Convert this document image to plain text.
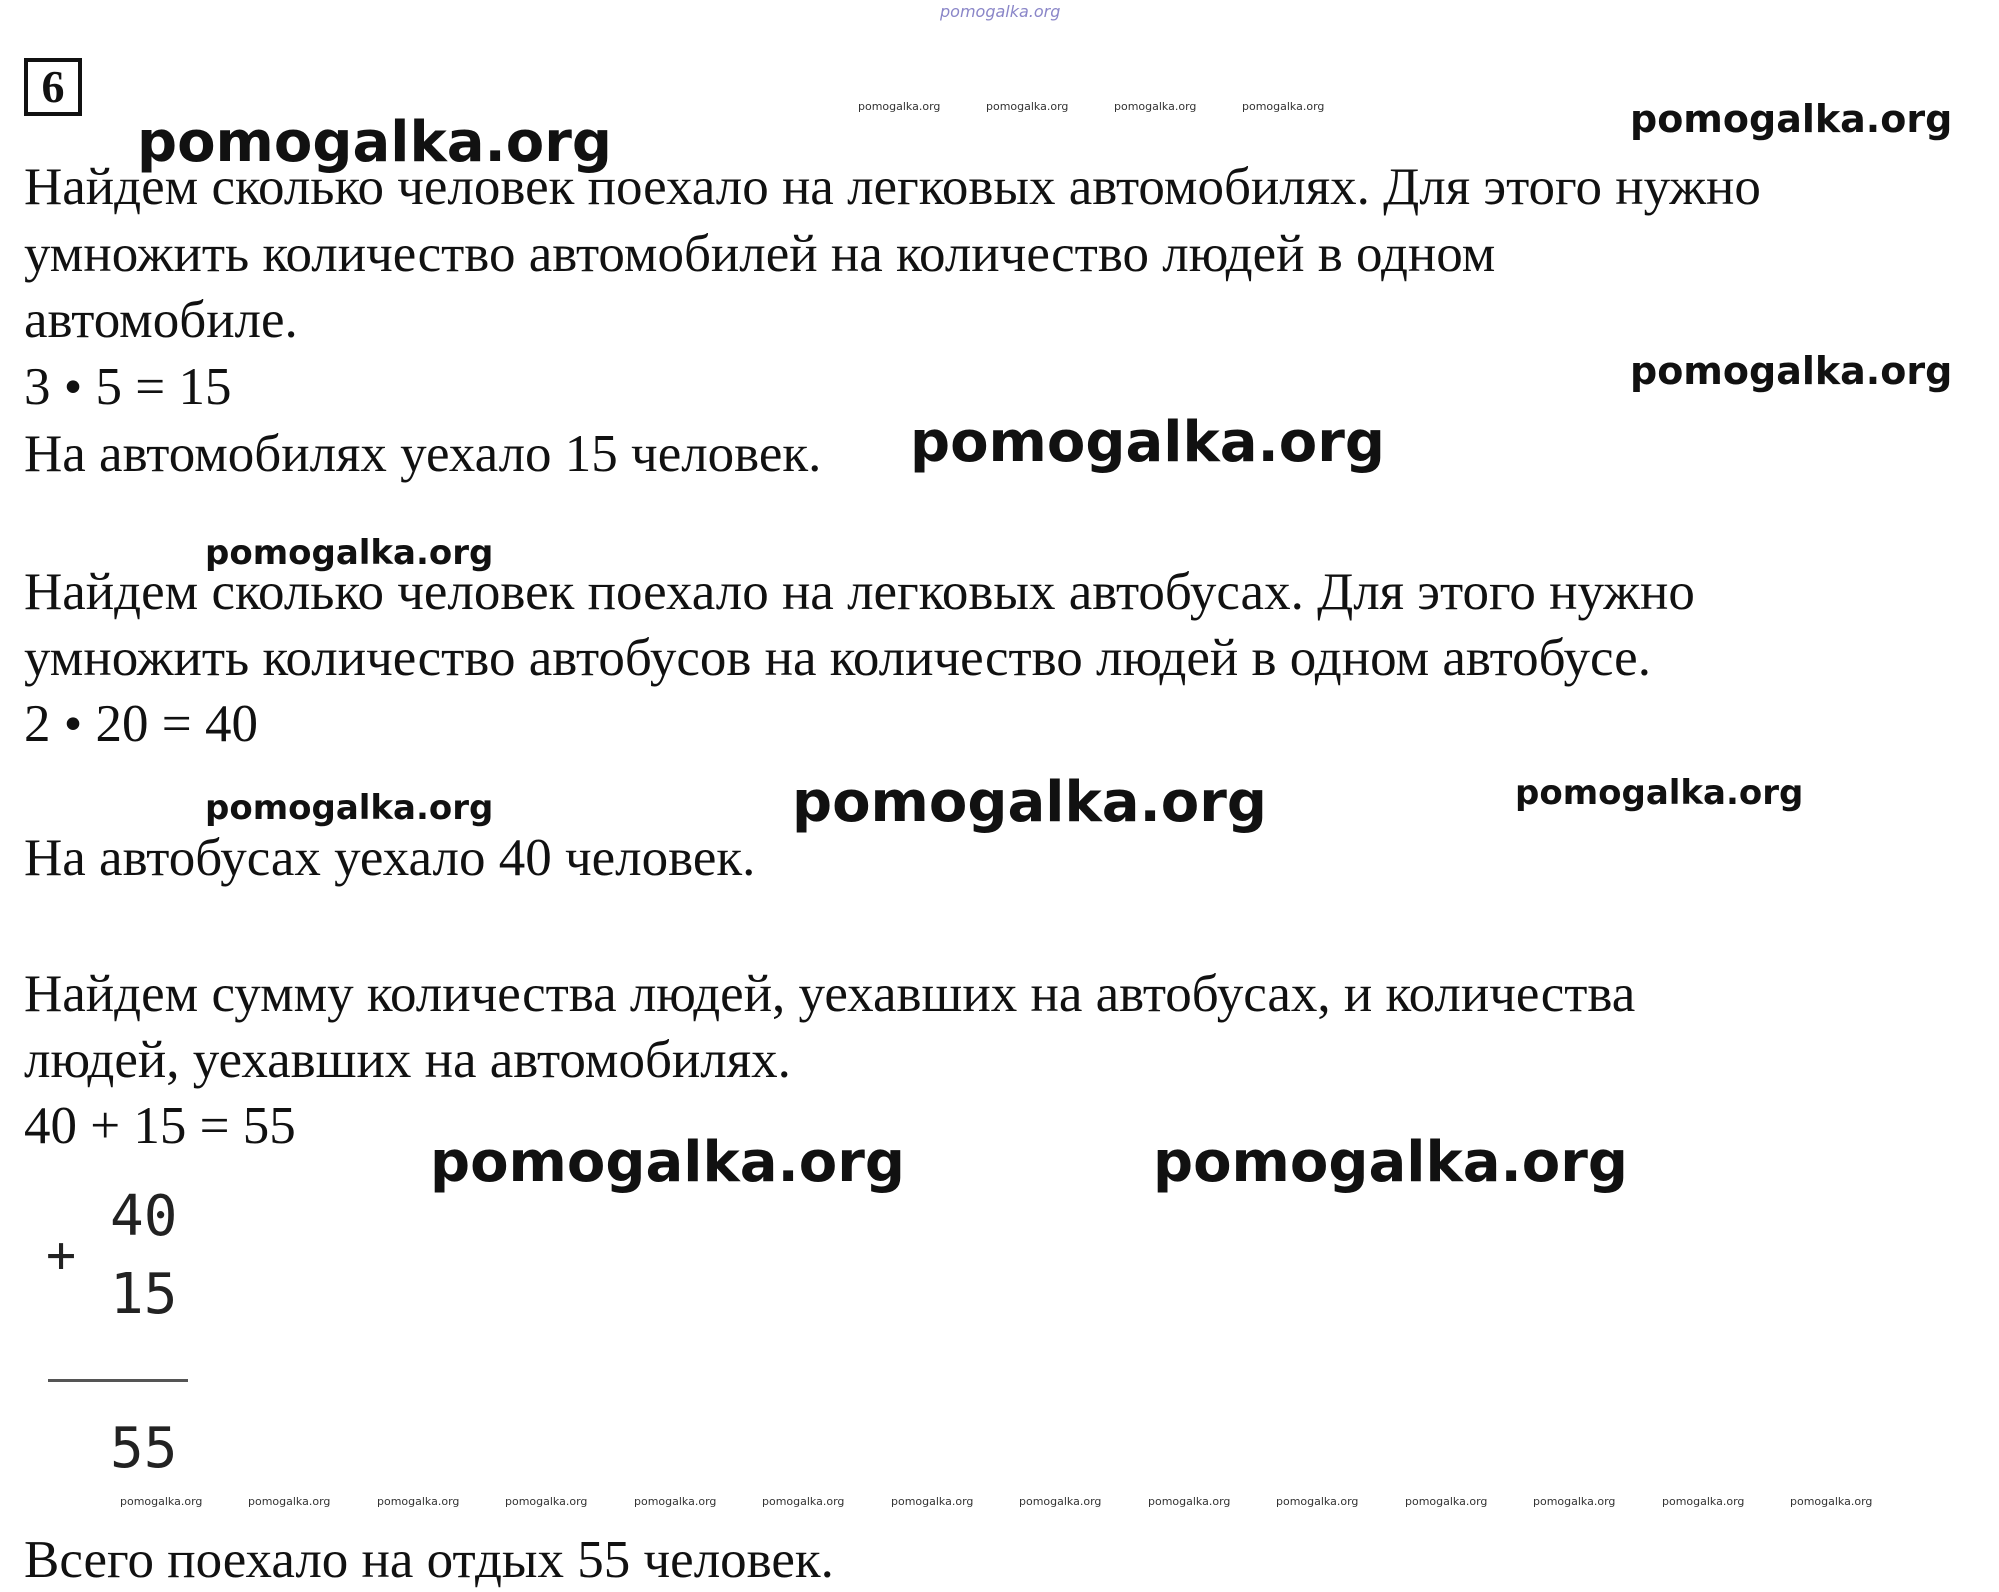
pomogalka.org
6	pomogalka.org	pomogalka.org	pomogalka.org	pomogalka.org
pomogalka.org	pomogalka.org
pomogalka.org
Найдем сколько человек поехало на легковых автомобилях. Для этого нужно
умножить количество автомобилей на количество людей в одном
автомобиле.
3 • 5 = 15
На автомобилях уехало 15 человек. pomogalka.org
pomogalka.org
Найдем сколько человек поехало на легковых автобусах. Для этого нужно
умножить количество автобусов на количество людей в одном автобусе.
2 • 20 = 40
pomogalka.org	pomogalka.org	pomogalka.org
На автобусах уехало 40 человек.
Найдем сумму количества людей, уехавших на автобусах, и количества
людей, уехавших на автомобилях.
40 + 15 = 55
pomogalka.org	pomogalka.org
+
40
15
55
pomogalka.org	pomogalka.org	pomogalka.org	pomogalka.org	pomogalka.org	pomogalka.org	pomogalka.org	pomogalka.org	pomogalka.org	pomogalka.org	pomogalka.org	pomogalka.org	pomogalka.org	pomogalka.org
Всего поехало на отдых 55 человек.
